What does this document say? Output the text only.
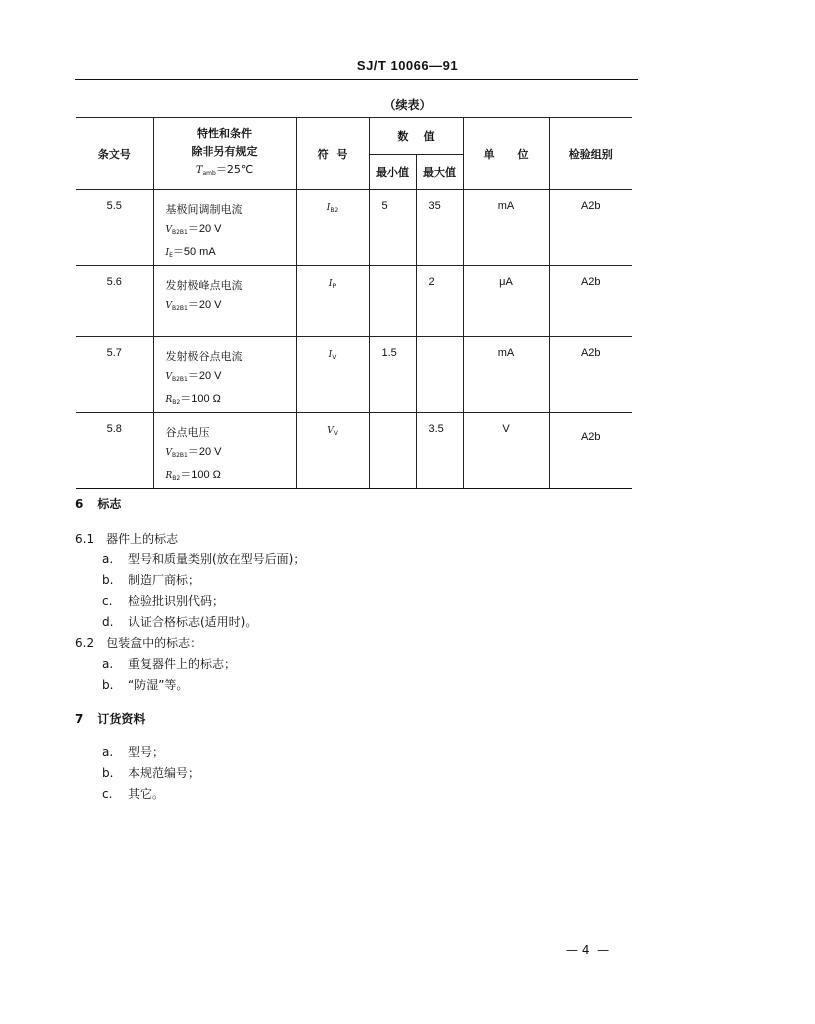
SJ/T 10066—91
（续表）
条文号	特性和条件
除非另有规定
$T_{amb}=25℃$	符  号	数    值		单      位	检验组别
			最小值	最大值		
5.5	基极间调制电流
$V_{B2B1}=20$ V
$I_E=50$ mA	$I_{B2}$	5	35	mA	A2b
5.6	发射极峰点电流
$V_{B2B1}=20$ V	$I_P$		2	μA	A2b
5.7	发射极谷点电流
$V_{B2B1}=20$ V
$R_{B2}=100$ Ω	$I_V$	1.5		mA	A2b
5.8	谷点电压
$V_{B2B1}=20$ V
$R_{B2}=100$ Ω	$V_V$		3.5	V	A2b
6 标志
6.1 器件上的标志
a. 型号和质量类别(放在型号后面)；
b. 制造厂商标；
c. 检验批识别代码；
d. 认证合格标志(适用时)。
6.2 包装盒中的标志：
a. 重复器件上的标志；
b. “防湿”等。
7 订货资料
a. 型号；
b. 本规范编号；
c. 其它。
— 4  —
